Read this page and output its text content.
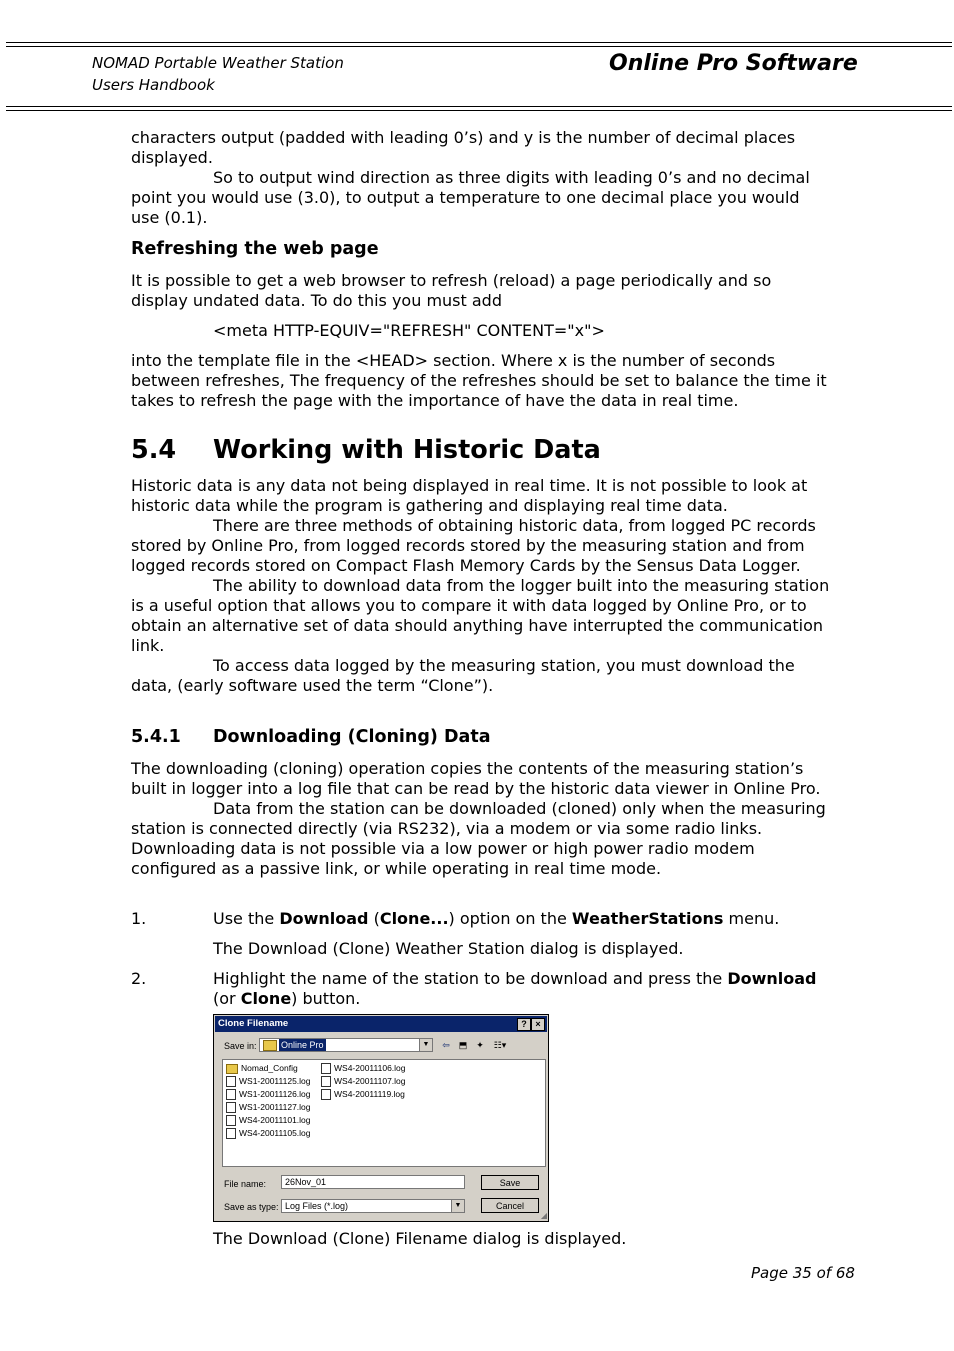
NOMAD Portable Weather Station
Users Handbook
Online Pro Software

characters output (padded with leading 0’s) and y is the number of decimal places displayed.

So to output wind direction as three digits with leading 0’s and no decimal point you would use (3.0), to output a temperature to one decimal place you would use (0.1).

Refreshing the web page

It is possible to get a web browser to refresh (reload) a page periodically and so display undated data. To do this you must add

<meta HTTP-EQUIV="REFRESH" CONTENT="x">

into the template file in the <HEAD> section. Where x is the number of seconds between refreshes, The frequency of the refreshes should be set to balance the time it takes to refresh the page with the importance of have the data in real time.

5.4 Working with Historic Data

Historic data is any data not being displayed in real time. It is not possible to look at historic data while the program is gathering and displaying real time data.

There are three methods of obtaining historic data, from logged PC records stored by Online Pro, from logged records stored by the measuring station and from logged records stored on Compact Flash Memory Cards by the Sensus Data Logger.

The ability to download data from the logger built into the measuring station is a useful option that allows you to compare it with data logged by Online Pro, or to obtain an alternative set of data should anything have interrupted the communication link.

To access data logged by the measuring station, you must download the data, (early software used the term “Clone”).

5.4.1 Downloading (Cloning) Data

The downloading (cloning) operation copies the contents of the measuring station’s built in logger into a log file that can be read by the historic data viewer in Online Pro.

Data from the station can be downloaded (cloned) only when the measuring station is connected directly (via RS232), via a modem or via some radio links. Downloading data is not possible via a low power or high power radio modem configured as a passive link, or while operating in real time mode.

1.	Use the Download (Clone...) option on the WeatherStations menu.

The Download (Clone) Weather Station dialog is displayed.

2.	Highlight the name of the station to be download and press the Download (or Clone) button.
Clone Filename	? ×
Save in:	Online Pro	▼ ⇦ ⬒ ✦	☷▾
Nomad_Config
WS1-20011125.log
WS1-20011126.log
WS1-20011127.log
WS4-20011101.log
WS4-20011105.log
WS4-20011106.log
WS4-20011107.log
WS4-20011119.log
File name:	26Nov_01	Save
Save as type: Log Files (*.log)	▼	Cancel
◢

The Download (Clone) Filename dialog is displayed.

Page 35 of 68
